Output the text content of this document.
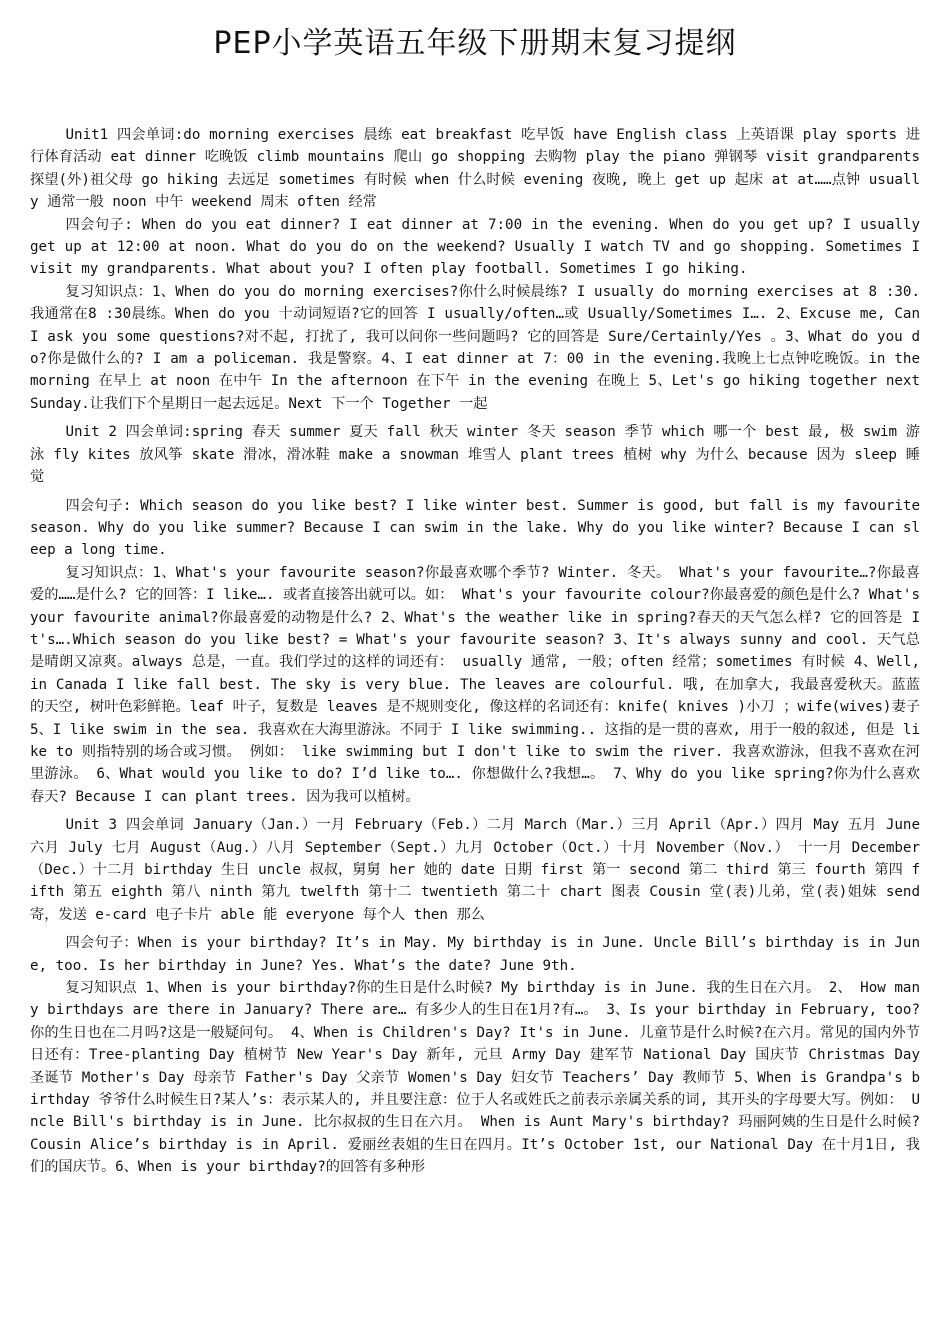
PEP小学英语五年级下册期末复习提纲

Unit1 四会单词:do morning exercises 晨练 eat breakfast 吃早饭 have English class 上英语课 play sports 进行体育活动 eat dinner 吃晚饭 climb mountains 爬山 go shopping 去购物 play the piano 弹钢琴 visit grandparents 探望(外)祖父母 go hiking 去远足 sometimes 有时候 when 什么时候 evening 夜晚, 晚上 get up 起床 at at……点钟 usually 通常一般 noon 中午 weekend 周末 often 经常

四会句子: When do you eat dinner? I eat dinner at 7:00 in the evening. When do you get up? I usually get up at 12:00 at noon. What do you do on the weekend? Usually I watch TV and go shopping. Sometimes I visit my grandparents. What about you? I often play football. Sometimes I go hiking.

复习知识点：1、When do you do morning exercises?你什么时候晨练? I usually do morning exercises at 8 :30. 我通常在8 :30晨练。When do you 十动词短语?它的回答 I usually/often…或 Usually/Sometimes I…. 2、Excuse me, Can I ask you some questions?对不起, 打扰了, 我可以问你一些问题吗? 它的回答是 Sure/Certainly/Yes 。3、What do you do?你是做什么的? I am a policeman. 我是警察。4、I eat dinner at 7：00 in the evening.我晚上七点钟吃晚饭。in the morning 在早上 at noon 在中午 In the afternoon 在下午 in the evening 在晚上 5、Let's go hiking together next Sunday.让我们下个星期日一起去远足。Next 下一个 Together 一起

Unit 2 四会单词:spring 春天 summer 夏天 fall 秋天 winter 冬天 season 季节 which 哪一个 best 最, 极 swim 游泳 fly kites 放风筝 skate 滑冰，滑冰鞋 make a snowman 堆雪人 plant trees 植树 why 为什么 because 因为 sleep 睡觉

四会句子: Which season do you like best? I like winter best. Summer is good, but fall is my favourite season. Why do you like summer? Because I can swim in the lake. Why do you like winter? Because I can sleep a long time.

复习知识点：1、What's your favourite season?你最喜欢哪个季节? Winter. 冬天。 What's your favourite…?你最喜爱的……是什么? 它的回答：I like…. 或者直接答出就可以。如： What's your favourite colour?你最喜爱的颜色是什么? What's your favourite animal?你最喜爱的动物是什么? 2、What's the weather like in spring?春天的天气怎么样? 它的回答是 It's….Which season do you like best? = What's your favourite season? 3、It's always sunny and cool. 天气总是晴朗又凉爽。always 总是，一直。我们学过的这样的词还有： usually 通常, 一般；often 经常；sometimes 有时候 4、Well, in Canada I like fall best. The sky is very blue. The leaves are colourful. 哦, 在加拿大, 我最喜爱秋天。蓝蓝的天空, 树叶色彩鲜艳。leaf 叶子，复数是 leaves 是不规则变化, 像这样的名词还有：knife( knives )小刀 ；wife(wives)妻子 5、I like swim in the sea. 我喜欢在大海里游泳。不同于 I like swimming.. 这指的是一贯的喜欢, 用于一般的叙述, 但是 like to 则指特别的场合或习惯。 例如： like swimming but I don't like to swim the river. 我喜欢游泳，但我不喜欢在河里游泳。 6、What would you like to do? I’d like to…. 你想做什么?我想…。 7、Why do you like spring?你为什么喜欢春天? Because I can plant trees. 因为我可以植树。

Unit 3 四会单词 January（Jan.）一月 February（Feb.）二月 March（Mar.）三月 April（Apr.）四月 May 五月 June 六月 July 七月 August（Aug.）八月 September（Sept.）九月 October（Oct.）十月 November（Nov.） 十一月 December（Dec.）十二月 birthday 生日 uncle 叔叔，舅舅 her 她的 date 日期 first 第一 second 第二 third 第三 fourth 第四 fifth 第五 eighth 第八 ninth 第九 twelfth 第十二 twentieth 第二十 chart 图表 Cousin 堂(表)儿弟，堂(表)姐妹 send 寄，发送 e-card 电子卡片 able 能 everyone 每个人 then 那么

四会句子：When is your birthday? It’s in May. My birthday is in June. Uncle Bill’s birthday is in June, too. Is her birthday in June? Yes. What’s the date? June 9th.

复习知识点 1、When is your birthday?你的生日是什么时候? My birthday is in June. 我的生日在六月。 2、 How many birthdays are there in January? There are… 有多少人的生日在1月?有…。 3、Is your birthday in February, too?你的生日也在二月吗?这是一般疑问句。 4、When is Children's Day? It's in June. 儿童节是什么时候?在六月。常见的国内外节日还有：Tree-planting Day 植树节 New Year's Day 新年, 元旦 Army Day 建军节 National Day 国庆节 Christmas Day 圣诞节 Mother's Day 母亲节 Father's Day 父亲节 Women's Day 妇女节 Teachers’ Day 教师节 5、When is Grandpa's birthday 爷爷什么时候生日?某人’s：表示某人的, 并且要注意：位于人名或姓氏之前表示亲属关系的词, 其开头的字母要大写。例如： Uncle Bill's birthday is in June. 比尔叔叔的生日在六月。 When is Aunt Mary's birthday? 玛丽阿姨的生日是什么时候? Cousin Alice’s birthday is in April. 爱丽丝表姐的生日在四月。It’s October 1st, our National Day 在十月1日, 我们的国庆节。6、When is your birthday?的回答有多种形
